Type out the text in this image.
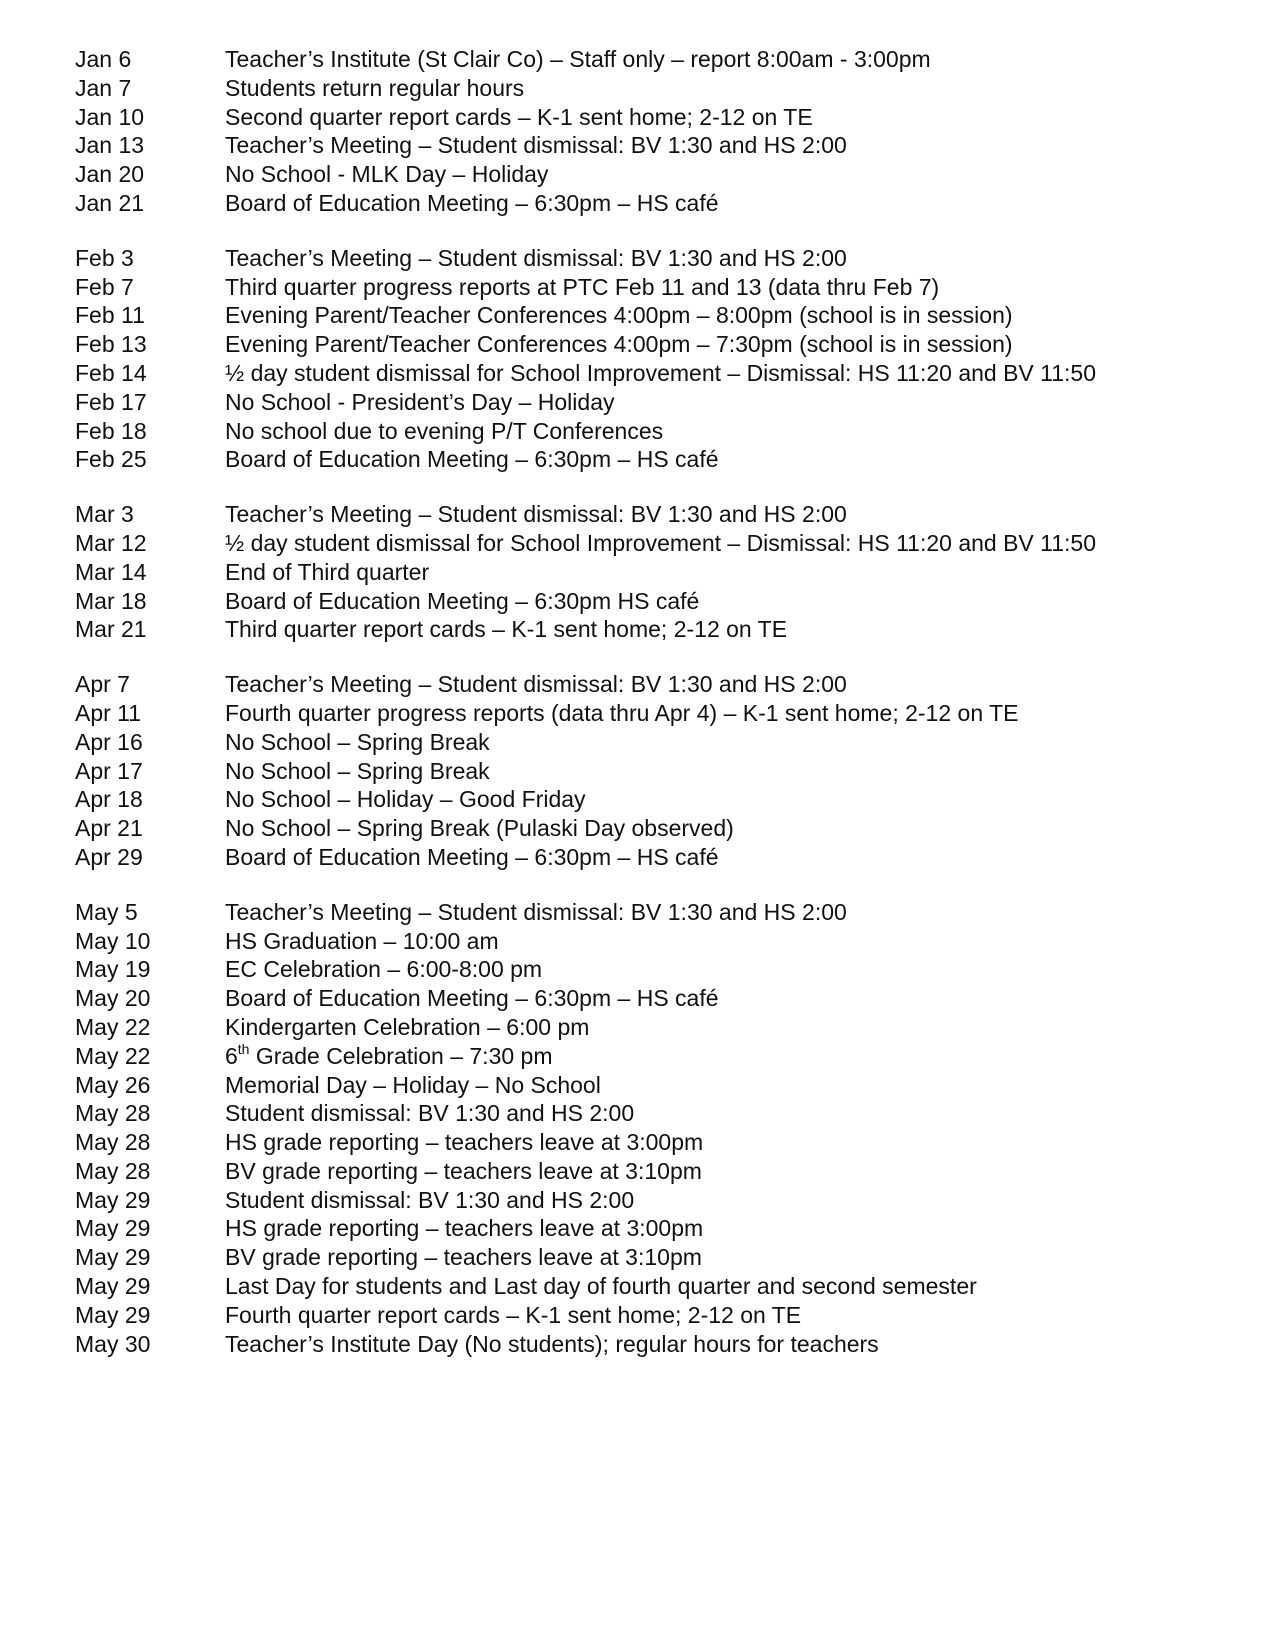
Jan 6	Teacher’s Institute (St Clair Co) – Staff only – report 8:00am - 3:00pm
Jan 7	Students return regular hours
Jan 10	Second quarter report cards – K-1 sent home; 2-12 on TE
Jan 13	Teacher’s Meeting – Student dismissal: BV 1:30 and HS 2:00
Jan 20	No School - MLK Day – Holiday
Jan 21	Board of Education Meeting – 6:30pm – HS café
Feb 3	Teacher’s Meeting – Student dismissal: BV 1:30 and HS 2:00
Feb 7	Third quarter progress reports at PTC Feb 11 and 13 (data thru Feb 7)
Feb 11	Evening Parent/Teacher Conferences 4:00pm – 8:00pm (school is in session)
Feb 13	Evening Parent/Teacher Conferences 4:00pm – 7:30pm (school is in session)
Feb 14	½ day student dismissal for School Improvement – Dismissal: HS 11:20 and BV 11:50
Feb 17	No School - President’s Day – Holiday
Feb 18	No school due to evening P/T Conferences
Feb 25	Board of Education Meeting – 6:30pm – HS café
Mar 3	Teacher’s Meeting – Student dismissal: BV 1:30 and HS 2:00
Mar 12	½ day student dismissal for School Improvement – Dismissal: HS 11:20 and BV 11:50
Mar 14	End of Third quarter
Mar 18	Board of Education Meeting – 6:30pm HS café
Mar 21	Third quarter report cards – K-1 sent home; 2-12 on TE
Apr 7	Teacher’s Meeting – Student dismissal: BV 1:30 and HS 2:00
Apr 11	Fourth quarter progress reports (data thru Apr 4) – K-1 sent home; 2-12 on TE
Apr 16	No School – Spring Break
Apr 17	No School – Spring Break
Apr 18	No School – Holiday – Good Friday
Apr 21	No School – Spring Break (Pulaski Day observed)
Apr 29	Board of Education Meeting – 6:30pm – HS café
May 5	Teacher’s Meeting – Student dismissal: BV 1:30 and HS 2:00
May 10	HS Graduation – 10:00 am
May 19	EC Celebration – 6:00-8:00 pm
May 20	Board of Education Meeting – 6:30pm – HS café
May 22	Kindergarten Celebration – 6:00 pm
May 22	6th Grade Celebration – 7:30 pm
May 26	Memorial Day – Holiday – No School
May 28	Student dismissal: BV 1:30 and HS 2:00
May 28	HS grade reporting – teachers leave at 3:00pm
May 28	BV grade reporting – teachers leave at 3:10pm
May 29	Student dismissal: BV 1:30 and HS 2:00
May 29	HS grade reporting – teachers leave at 3:00pm
May 29	BV grade reporting – teachers leave at 3:10pm
May 29	Last Day for students and Last day of fourth quarter and second semester
May 29	Fourth quarter report cards – K-1 sent home; 2-12 on TE
May 30	Teacher’s Institute Day (No students); regular hours for teachers
